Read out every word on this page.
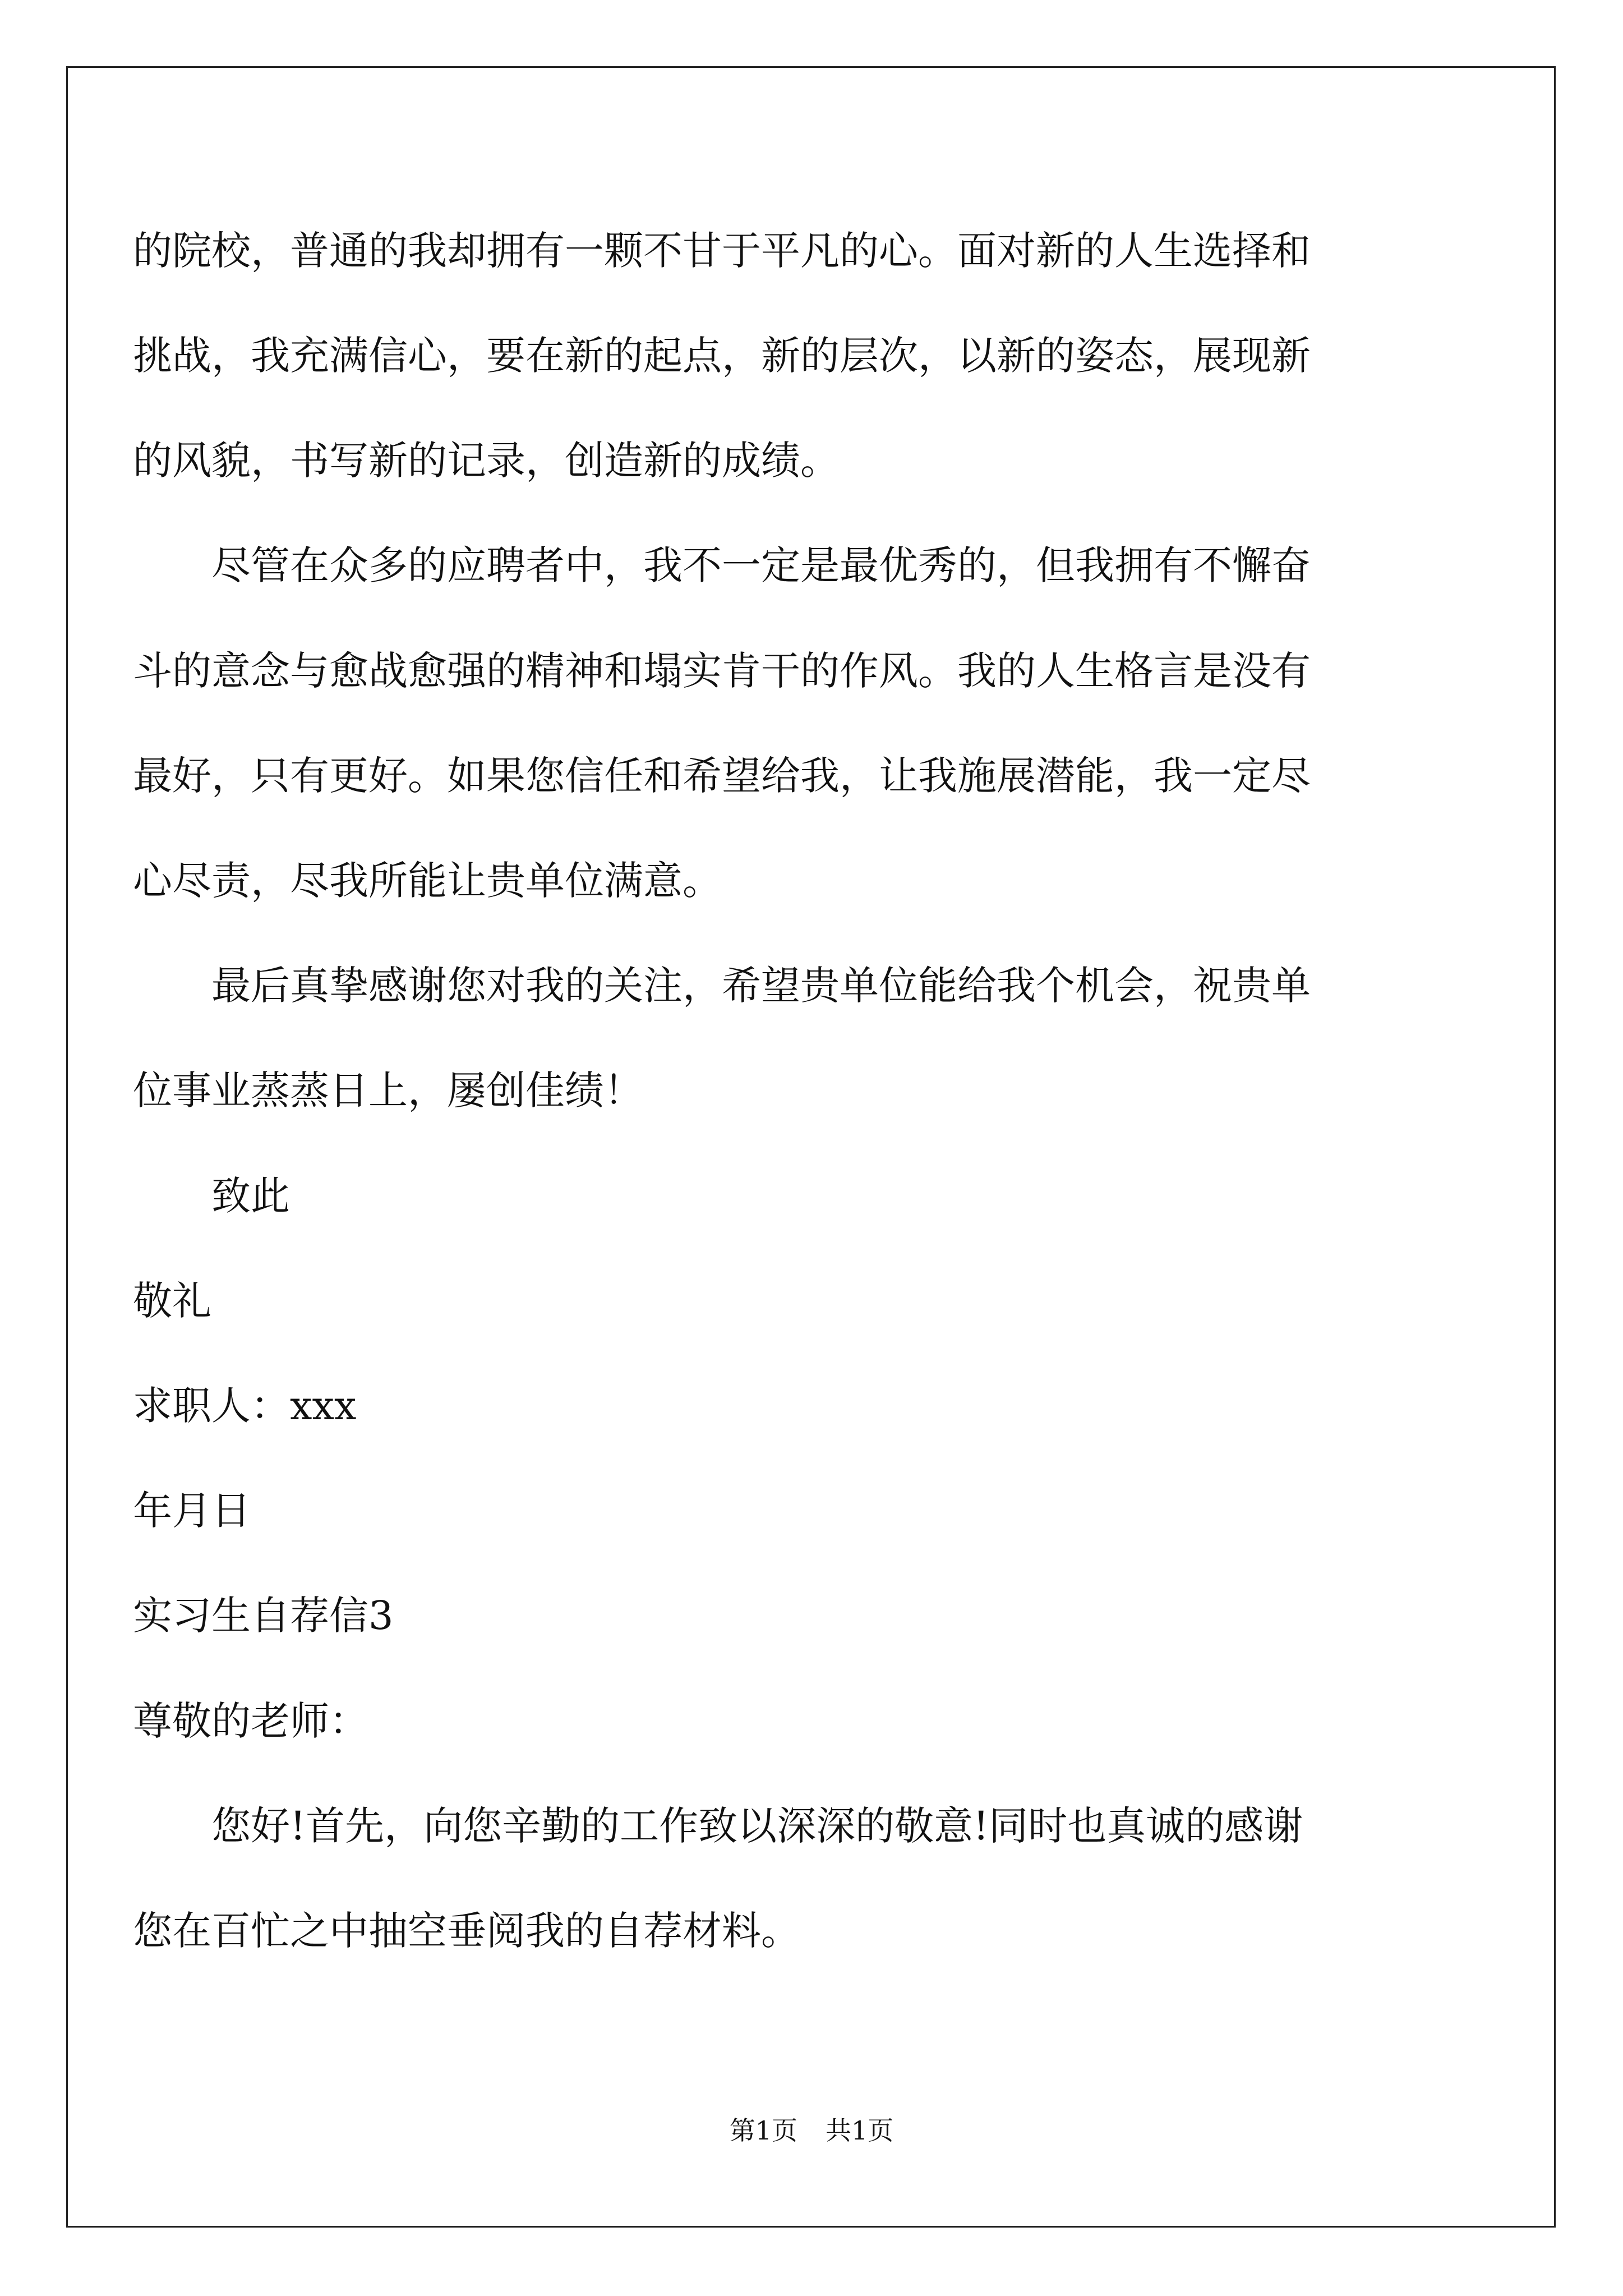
的院校，普通的我却拥有一颗不甘于平凡的心。面对新的人生选择和
挑战，我充满信心，要在新的起点，新的层次，以新的姿态，展现新
的风貌，书写新的记录，创造新的成绩。
尽管在众多的应聘者中，我不一定是最优秀的，但我拥有不懈奋
斗的意念与愈战愈强的精神和塌实肯干的作风。我的人生格言是没有
最好，只有更好。如果您信任和希望给我，让我施展潜能，我一定尽
心尽责，尽我所能让贵单位满意。
最后真挚感谢您对我的关注，希望贵单位能给我个机会，祝贵单
位事业蒸蒸日上，屡创佳绩！
致此
敬礼
求职人：xxx
年月日
实习生自荐信3
尊敬的老师：
您好!首先，向您辛勤的工作致以深深的敬意!同时也真诚的感谢
您在百忙之中抽空垂阅我的自荐材料。
第1页 共1页
